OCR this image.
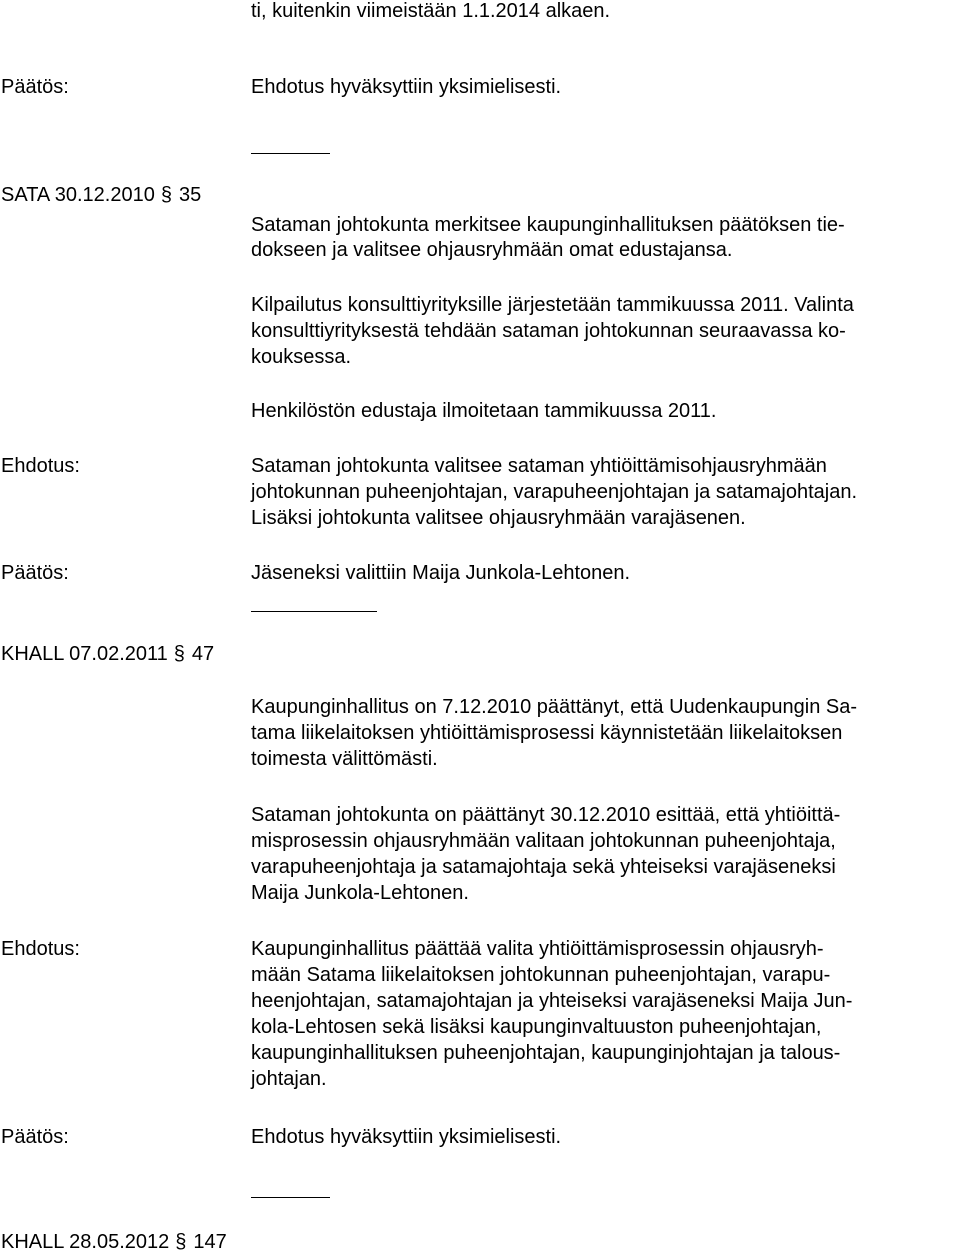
ti, kuitenkin viimeistään 1.1.2014 alkaen.

Päätös:	Ehdotus hyväksyttiin yksimielisesti.

SATA 30.12.2010 § 35

Sataman johtokunta merkitsee kaupunginhallituksen päätöksen tie-

dokseen ja valitsee ohjausryhmään omat edustajansa.

Kilpailutus konsulttiyrityksille järjestetään tammikuussa 2011. Valinta

konsulttiyrityksestä tehdään sataman johtokunnan seuraavassa ko-

kouksessa.

Henkilöstön edustaja ilmoitetaan tammikuussa 2011.

Ehdotus:	Sataman johtokunta valitsee sataman yhtiöittämisohjausryhmään

johtokunnan puheenjohtajan, varapuheenjohtajan ja satamajohtajan.

Lisäksi johtokunta valitsee ohjausryhmään varajäsenen.

Päätös:	Jäseneksi valittiin Maija Junkola-Lehtonen.

KHALL 07.02.2011 § 47

Kaupunginhallitus on 7.12.2010 päättänyt, että Uudenkaupungin Sa-

tama liikelaitoksen yhtiöittämisprosessi käynnistetään liikelaitoksen

toimesta välittömästi.

Sataman johtokunta on päättänyt 30.12.2010 esittää, että yhtiöittä-

misprosessin ohjausryhmään valitaan johtokunnan puheenjohtaja,

varapuheenjohtaja ja satamajohtaja sekä yhteiseksi varajäseneksi

Maija Junkola-Lehtonen.

Ehdotus:	Kaupunginhallitus päättää valita yhtiöittämisprosessin ohjausryh-

mään Satama liikelaitoksen johtokunnan puheenjohtajan, varapu-

heenjohtajan, satamajohtajan ja yhteiseksi varajäseneksi Maija Jun-

kola-Lehtosen sekä lisäksi kaupunginvaltuuston puheenjohtajan,

kaupunginhallituksen puheenjohtajan, kaupunginjohtajan ja talous-

johtajan.

Päätös:	Ehdotus hyväksyttiin yksimielisesti.

KHALL 28.05.2012 § 147
